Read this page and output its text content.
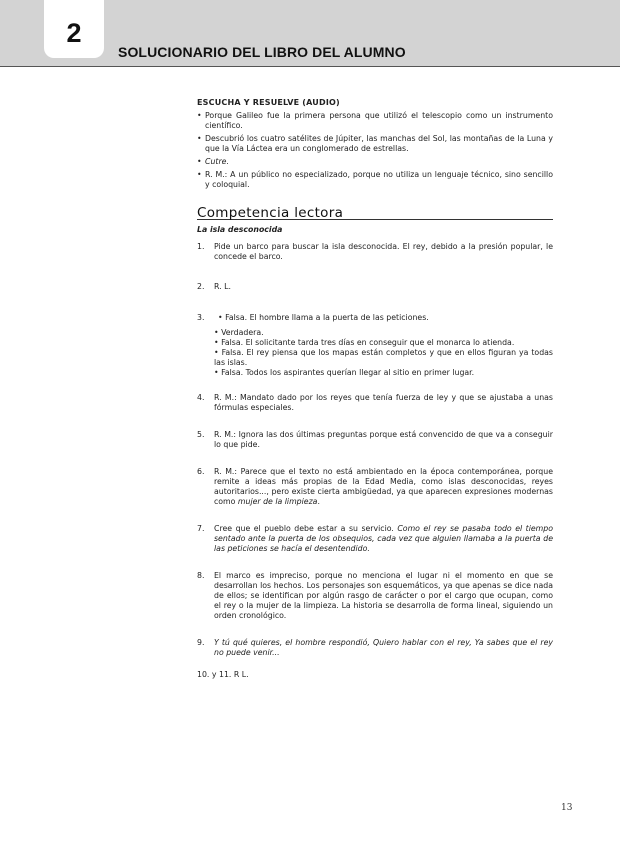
2
SOLUCIONARIO DEL LIBRO DEL ALUMNO
ESCUCHA Y RESUELVE (AUDIO)
• Porque Galileo fue la primera persona que utilizó el telescopio como un instrumento científico.
• Descubrió los cuatro satélites de Júpiter, las manchas del Sol, las montañas de la Luna y que la Vía Láctea era un conglomerado de estrellas.
• Cutre.
• R. M.: A un público no especializado, porque no utiliza un lenguaje técnico, sino sencillo y coloquial.
Competencia lectora
La isla desconocida
1. Pide un barco para buscar la isla desconocida. El rey, debido a la presión popular, le concede el barco.
2. R. L.
3. • Falsa. El hombre llama a la puerta de las peticiones.
• Verdadera.
• Falsa. El solicitante tarda tres días en conseguir que el monarca lo atienda.
• Falsa. El rey piensa que los mapas están completos y que en ellos figuran ya todas las islas.
• Falsa. Todos los aspirantes querían llegar al sitio en primer lugar.
4. R. M.: Mandato dado por los reyes que tenía fuerza de ley y que se ajustaba a unas fórmulas especiales.
5. R. M.: Ignora las dos últimas preguntas porque está convencido de que va a conseguir lo que pide.
6. R. M.: Parece que el texto no está ambientado en la época contemporánea, porque remite a ideas más propias de la Edad Media, como islas desconocidas, reyes autoritarios..., pero existe cierta ambigüedad, ya que aparecen expresiones modernas como mujer de la limpieza.
7. Cree que el pueblo debe estar a su servicio. Como el rey se pasaba todo el tiempo sentado ante la puerta de los obsequios, cada vez que alguien llamaba a la puerta de las peticiones se hacía el desentendido.
8. El marco es impreciso, porque no menciona el lugar ni el momento en que se desarrollan los hechos. Los personajes son esquemáticos, ya que apenas se dice nada de ellos; se identifican por algún rasgo de carácter o por el cargo que ocupan, como el rey o la mujer de la limpieza. La historia se desarrolla de forma lineal, siguiendo un orden cronológico.
9. Y tú qué quieres, el hombre respondió, Quiero hablar con el rey, Ya sabes que el rey no puede venir...
10. y 11. R L.
13
